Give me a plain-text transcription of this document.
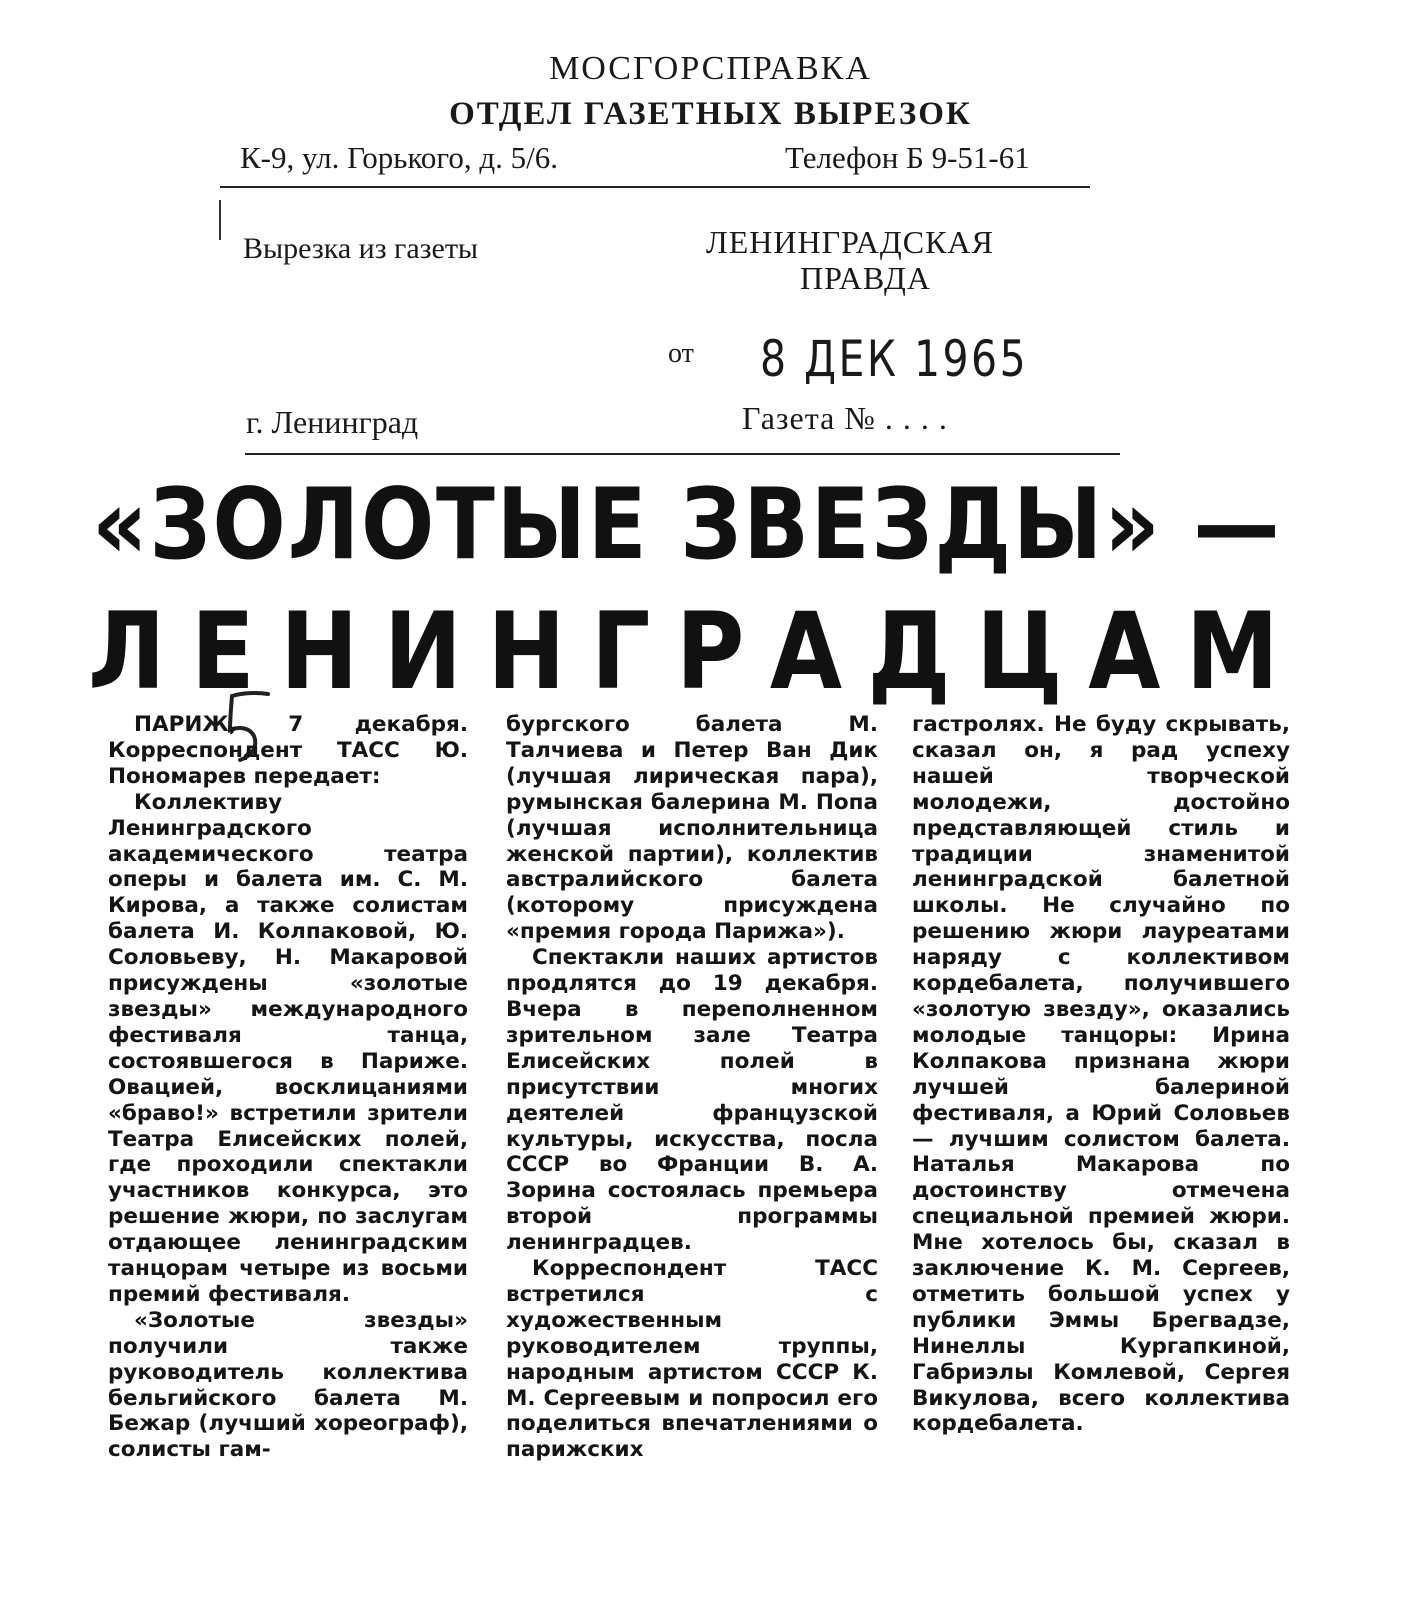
МОСГОРСПРАВКА
ОТДЕЛ ГАЗЕТНЫХ ВЫРЕЗОК
К-9, ул. Горького, д. 5/6.	Телефон Б 9-51-61
Вырезка из газеты	ЛЕНИНГРАДСКАЯ
ПРАВДА
от 8 ДЕК 1965
г. Ленинград	Газета № . . . .
«ЗОЛОТЫЕ ЗВЕЗДЫ» —
ЛЕНИНГРАДЦАМ

ПАРИЖ, 7 декабря. Корреспондент ТАСС Ю. Пономарев передает:

Коллективу Ленинградского академического театра оперы и балета им. С. М. Кирова, а также солистам балета И. Колпаковой, Ю. Соловьеву, Н. Макаровой присуждены «золотые звезды» международного фестиваля танца, состоявшегося в Париже. Овацией, восклицаниями «браво!» встретили зрители Театра Елисейских полей, где проходили спектакли участников конкурса, это решение жюри, по заслугам отдающее ленинградским танцорам четыре из восьми премий фестиваля.

«Золотые звезды» получили также руководитель коллектива бельгийского балета М. Бежар (лучший хореограф), солисты гам-

бургского балета М. Талчиева и Петер Ван Дик (лучшая лирическая пара), румынская балерина М. Попа (лучшая исполнительница женской партии), коллектив австралийского балета (которому присуждена «премия города Парижа»).

Спектакли наших артистов продлятся до 19 декабря. Вчера в переполненном зрительном зале Театра Елисейских полей в присутствии многих деятелей французской культуры, искусства, посла СССР во Франции В. А. Зорина состоялась премьера второй программы ленинградцев.

Корреспондент ТАСС встретился с художественным руководителем труппы, народным артистом СССР К. М. Сергеевым и попросил его поделиться впечатлениями о парижских

гастролях. Не буду скрывать, сказал он, я рад успеху нашей творческой молодежи, достойно представляющей стиль и традиции знаменитой ленинградской балетной школы. Не случайно по решению жюри лауреатами наряду с коллективом кордебалета, получившего «золотую звезду», оказались молодые танцоры: Ирина Колпакова признана жюри лучшей балериной фестиваля, а Юрий Соловьев — лучшим солистом балета. Наталья Макарова по достоинству отмечена специальной премией жюри. Мне хотелось бы, сказал в заключение К. М. Сергеев, отметить большой успех у публики Эммы Брегвадзе, Нинеллы Кургапкиной, Габриэлы Комлевой, Сергея Викулова, всего коллектива кордебалета.
